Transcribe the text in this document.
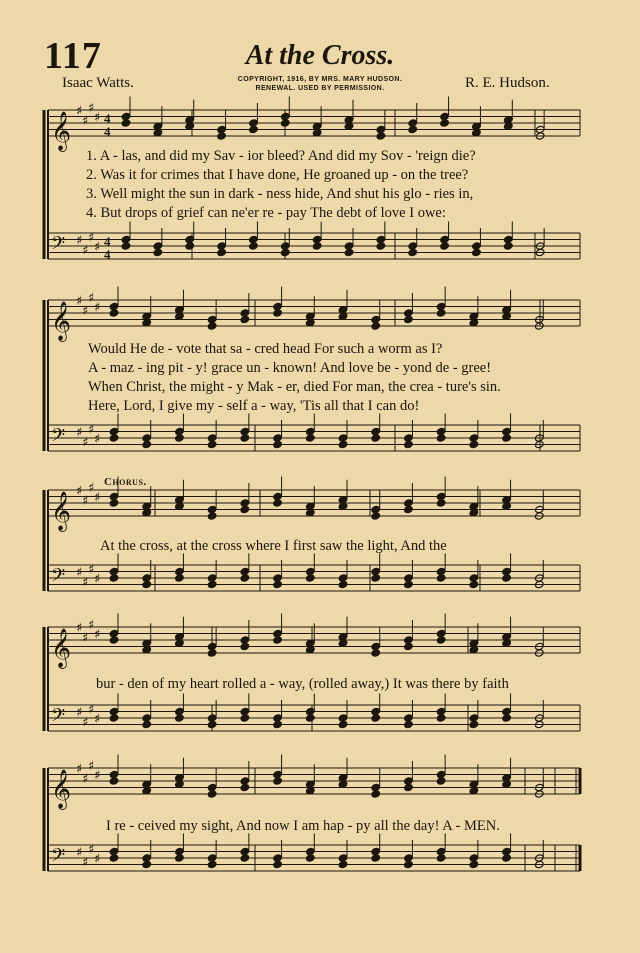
117	At the Cross.
Isaac Watts.	R. E. Hudson.
COPYRIGHT, 1916, BY MRS. MARY HUDSON.
RENEWAL. USED BY PERMISSION.
Chorus.
𝄞 ♯
♯
♯
♯
𝄢 ♯
♯
♯
♯
4
4
4
4
𝄞 ♯
♯
♯
♯
𝄢 ♯
♯
♯
♯
𝄞 ♯
♯
♯
♯
𝄢 ♯
♯
♯
♯
𝄞 ♯
♯
♯
♯
𝄢 ♯
♯
♯
♯
𝄞 ♯
♯
♯
♯
𝄢 ♯
♯
♯
♯
1. A - las, and did my Sav - ior bleed? And did my Sov - 'reign die?
2. Was it for crimes that I have done, He groaned up - on the tree?
3. Well might the sun in dark - ness hide, And shut his glo - ries in,
4. But drops of grief can ne'er re - pay The debt of love I owe:
Would He de - vote that sa - cred head For such a worm as I?
A - maz - ing pit - y! grace un - known! And love be - yond de - gree!
When Christ, the might - y Mak - er, died For man, the crea - ture's sin.
Here, Lord, I give my - self a - way, 'Tis all that I can do!
At the cross, at the cross where I first saw the light, And the
bur - den of my heart rolled a - way, (rolled away,) It was there by faith
I re - ceived my sight, And now I am hap - py all the day! A - MEN.
